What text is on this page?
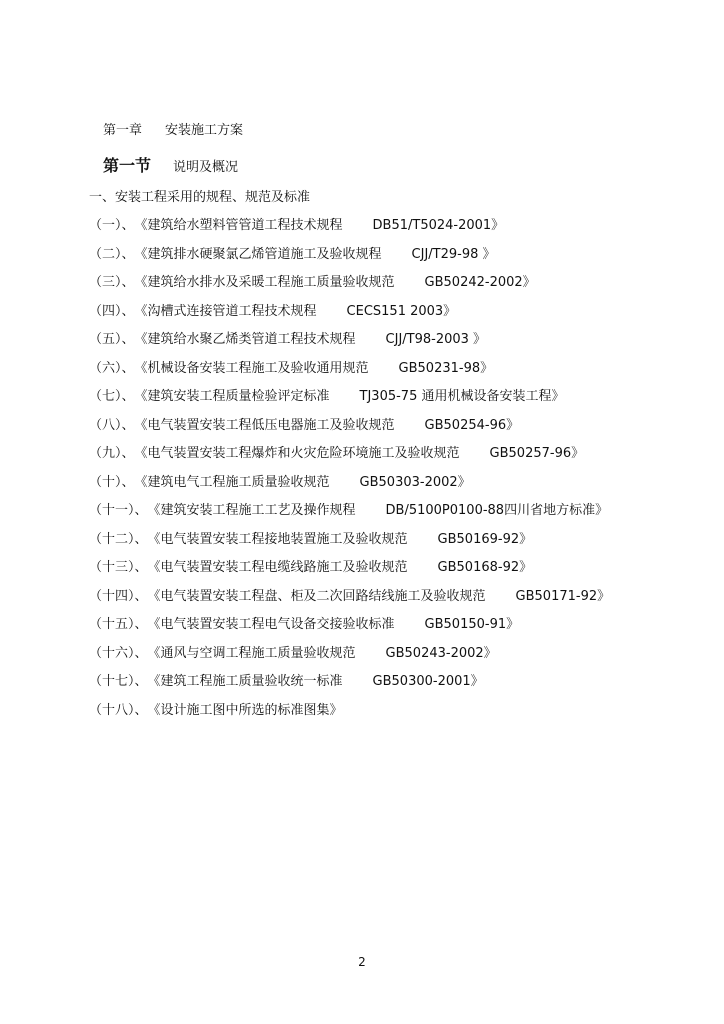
第一章 安装施工方案
第一节 说明及概况
一、安装工程采用的规程、规范及标准
（一）、 《建筑给水塑料管管道工程技术规程 DB51/T5024-2001》
（二）、 《建筑排水硬聚氯乙烯管道施工及验收规程 CJJ/T29-98 》
（三）、 《建筑给水排水及采暖工程施工质量验收规范 GB50242-2002》
（四）、 《沟槽式连接管道工程技术规程 CECS151 2003》
（五）、 《建筑给水聚乙烯类管道工程技术规程 CJJ/T98-2003 》
（六）、 《机械设备安装工程施工及验收通用规范 GB50231-98》
（七）、 《建筑安装工程质量检验评定标准 TJ305-75 通用机械设备安装工程》
（八）、 《电气装置安装工程低压电器施工及验收规范 GB50254-96》
（九）、 《电气装置安装工程爆炸和火灾危险环境施工及验收规范 GB50257-96》
（十）、 《建筑电气工程施工质量验收规范 GB50303-2002》
（十一）、 《建筑安装工程施工工艺及操作规程 DB/5100P0100-88四川省地方标准》
（十二）、 《电气装置安装工程接地装置施工及验收规范 GB50169-92》
（十三）、 《电气装置安装工程电缆线路施工及验收规范 GB50168-92》
（十四）、 《电气装置安装工程盘、柜及二次回路结线施工及验收规范 GB50171-92》
（十五）、 《电气装置安装工程电气设备交接验收标准 GB50150-91》
（十六）、 《通风与空调工程施工质量验收规范 GB50243-2002》
（十七）、 《建筑工程施工质量验收统一标准 GB50300-2001》
（十八）、 《设计施工图中所选的标准图集》
2
